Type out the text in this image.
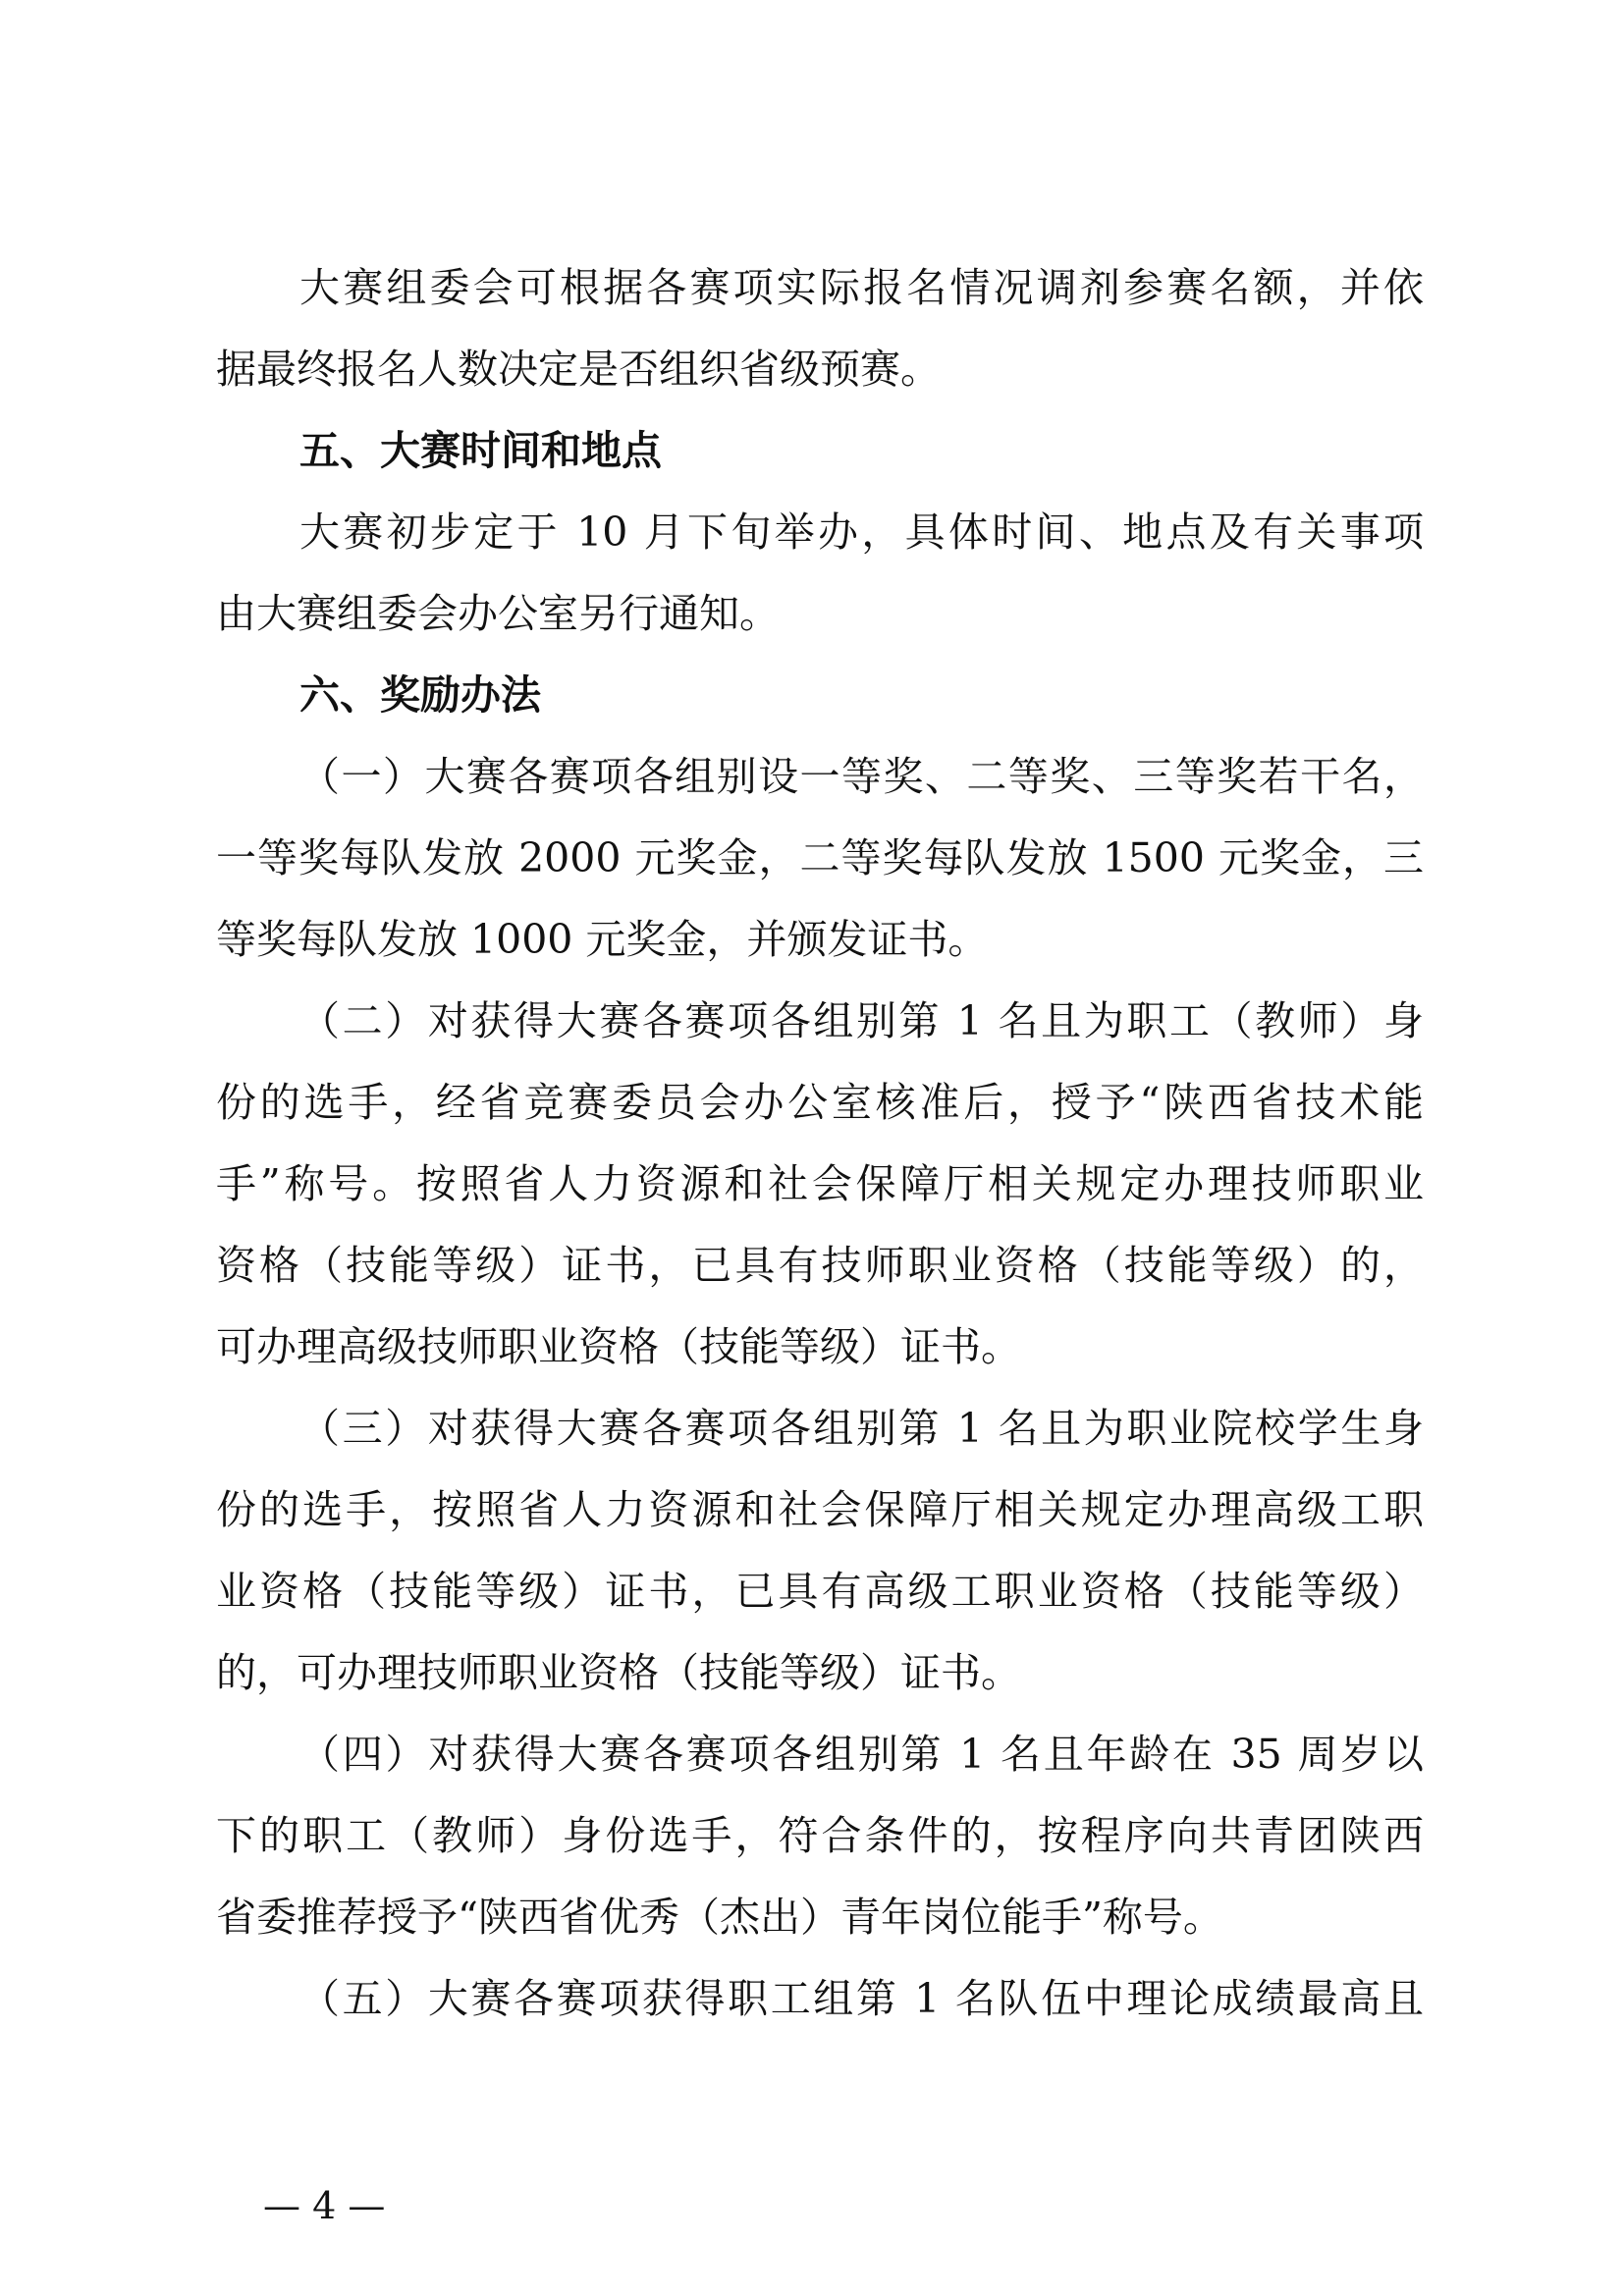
大赛组委会可根据各赛项实际报名情况调剂参赛名额，并依
据最终报名人数决定是否组织省级预赛。
五、大赛时间和地点
大赛初步定于 10 月下旬举办，具体时间、地点及有关事项
由大赛组委会办公室另行通知。
六、奖励办法
（一）大赛各赛项各组别设一等奖、二等奖、三等奖若干名，
一等奖每队发放 2000 元奖金，二等奖每队发放 1500 元奖金，三
等奖每队发放 1000 元奖金，并颁发证书。
（二）对获得大赛各赛项各组别第 1 名且为职工（教师）身
份的选手，经省竞赛委员会办公室核准后，授予“陕西省技术能
手”称号。按照省人力资源和社会保障厅相关规定办理技师职业
资格（技能等级）证书，已具有技师职业资格（技能等级）的，
可办理高级技师职业资格（技能等级）证书。
（三）对获得大赛各赛项各组别第 1 名且为职业院校学生身
份的选手，按照省人力资源和社会保障厅相关规定办理高级工职
业资格（技能等级）证书，已具有高级工职业资格（技能等级）
的，可办理技师职业资格（技能等级）证书。
（四）对获得大赛各赛项各组别第 1 名且年龄在 35 周岁以
下的职工（教师）身份选手，符合条件的，按程序向共青团陕西
省委推荐授予“陕西省优秀（杰出）青年岗位能手”称号。
（五）大赛各赛项获得职工组第 1 名队伍中理论成绩最高且
— 4 —
